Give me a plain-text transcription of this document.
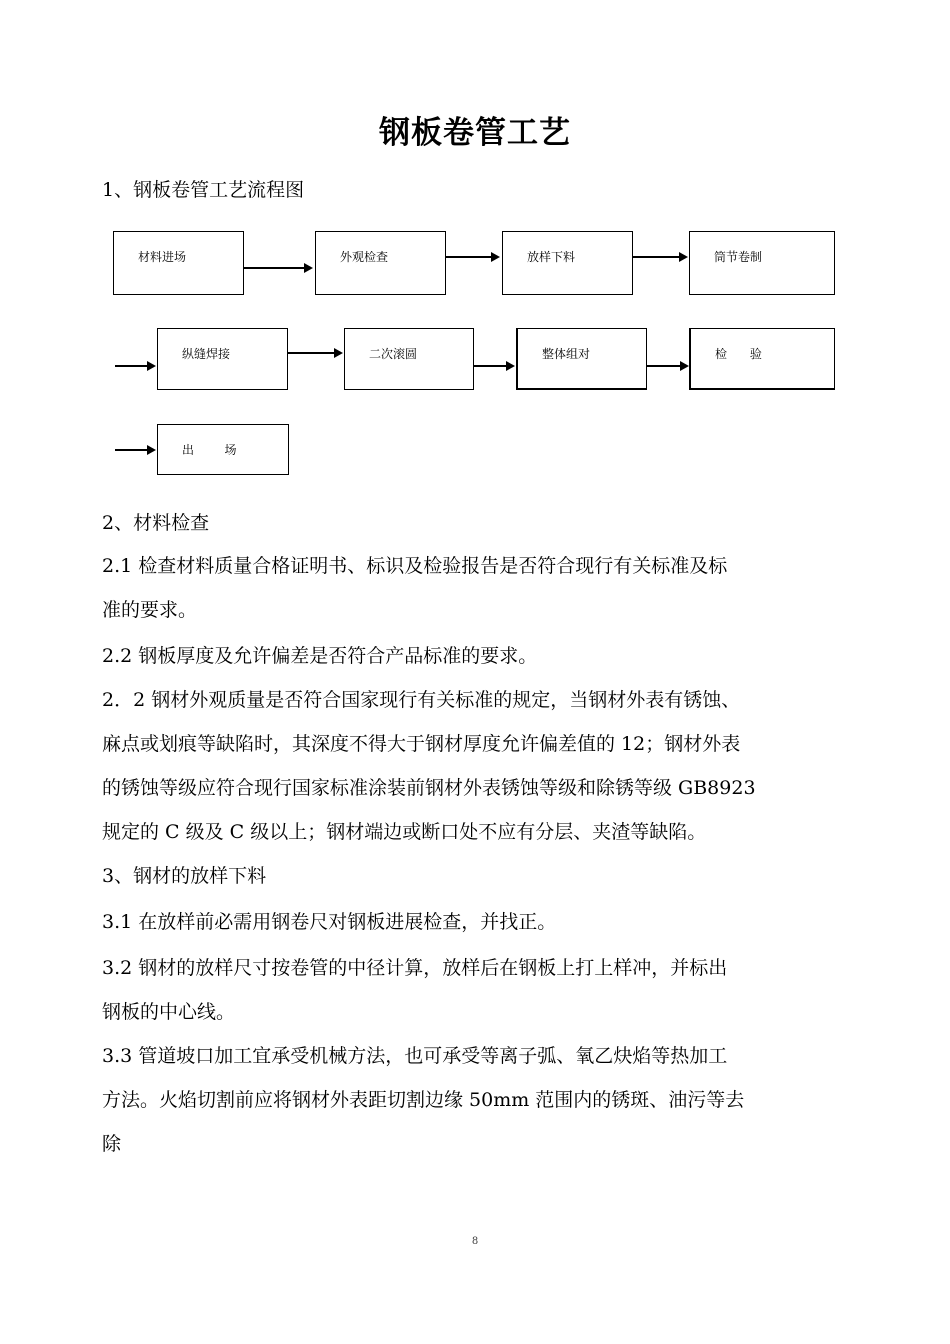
钢板卷管工艺
1、钢板卷管工艺流程图
材料进场	外观检查	放样下料	筒节卷制
纵缝焊接	二次滚圆	整体组对	检      验
出        场
2、材料检查
2.1 检查材料质量合格证明书、标识及检验报告是否符合现行有关标准及标
准的要求。
2.2 钢板厚度及允许偏差是否符合产品标准的要求。
2．2 钢材外观质量是否符合国家现行有关标准的规定，当钢材外表有锈蚀、
麻点或划痕等缺陷时，其深度不得大于钢材厚度允许偏差值的 12；钢材外表
的锈蚀等级应符合现行国家标准涂装前钢材外表锈蚀等级和除锈等级 GB8923
规定的 C 级及 C 级以上；钢材端边或断口处不应有分层、夹渣等缺陷。
3、钢材的放样下料
3.1 在放样前必需用钢卷尺对钢板进展检查，并找正。
3.2 钢材的放样尺寸按卷管的中径计算，放样后在钢板上打上样冲，并标出
钢板的中心线。
3.3 管道坡口加工宜承受机械方法，也可承受等离子弧、氧乙炔焰等热加工
方法。火焰切割前应将钢材外表距切割边缘 50mm 范围内的锈斑、油污等去
除
8
